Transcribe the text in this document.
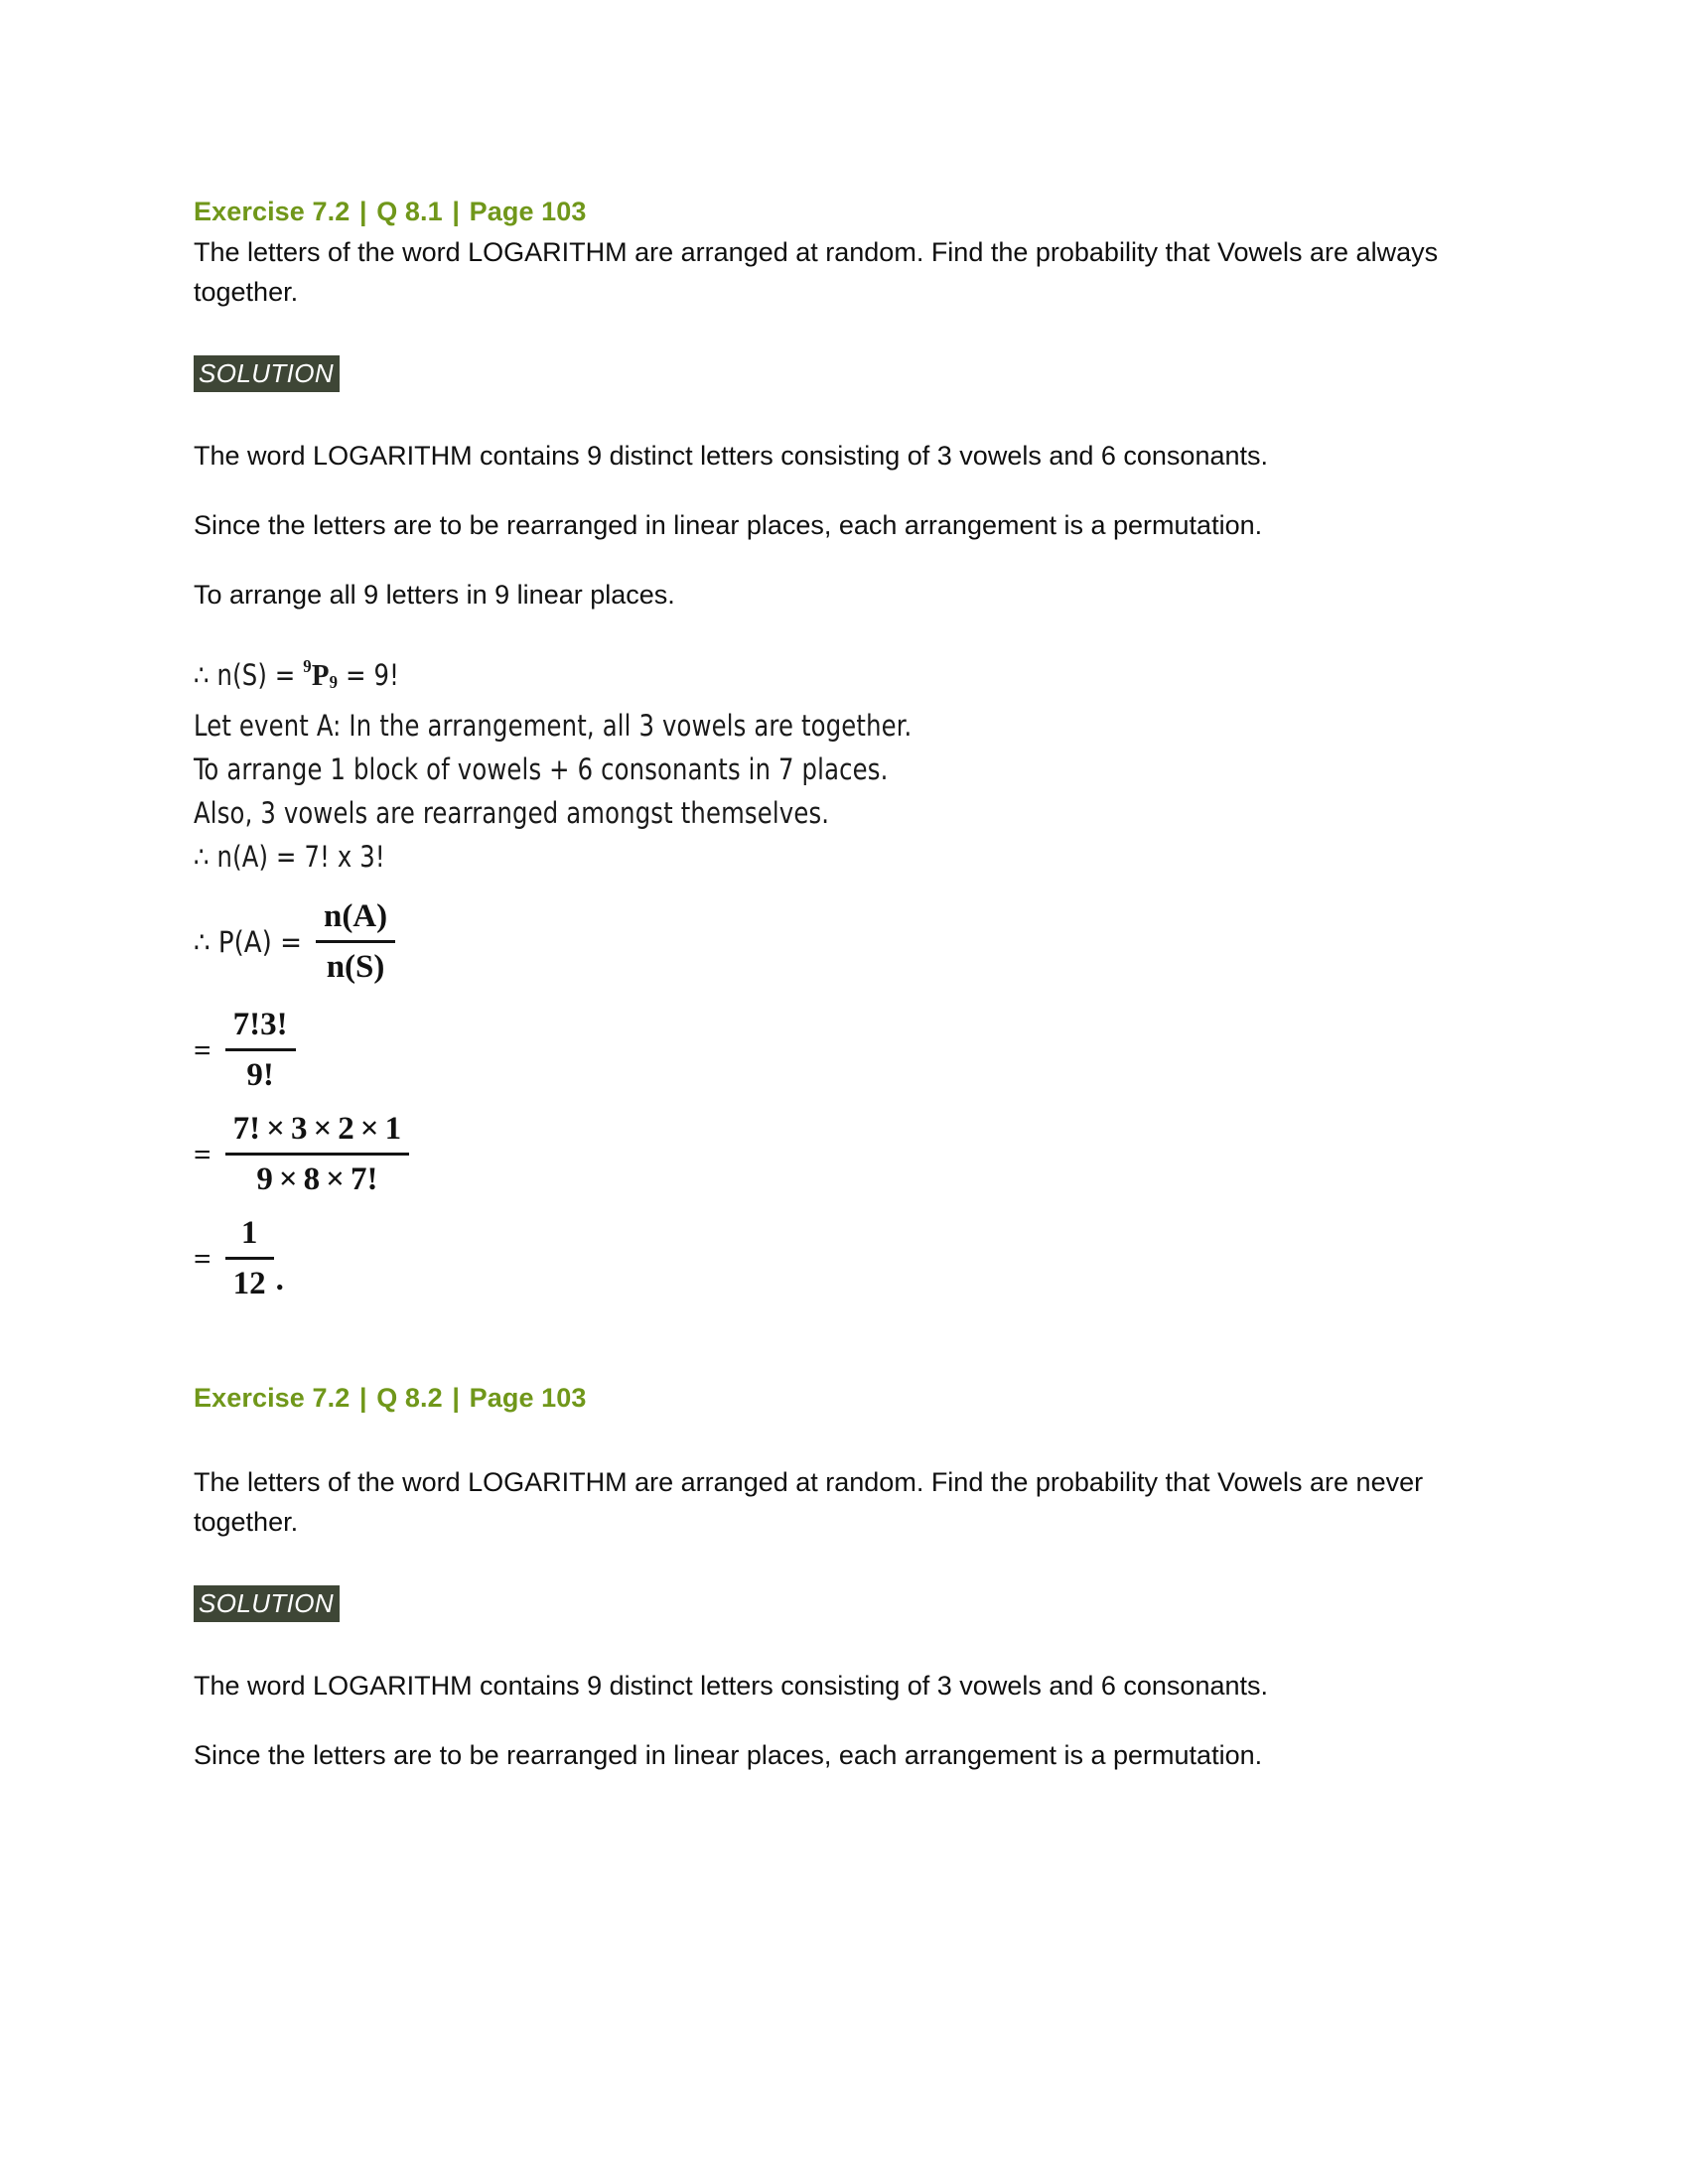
Exercise 7.2 | Q 8.1 | Page 103

The letters of the word LOGARITHM are arranged at random. Find the probability that Vowels are always together.

SOLUTION

The word LOGARITHM contains 9 distinct letters consisting of 3 vowels and 6 consonants.

Since the letters are to be rearranged in linear places, each arrangement is a permutation.

To arrange all 9 letters in 9 linear places.

∴ $n(S) = ^9P_9 = 9$!

Let event A: In the arrangement, all 3 vowels are together.

To arrange 1 block of vowels + 6 consonants in 7 places.

Also, 3 vowels are rearranged amongst themselves.

∴ n(A) = 7! x 3!

∴ $P(A) = \frac{n(A)}{n(S)}$
= $\frac{7!3!}{9!}$
= $\frac{7! \times 3 \times 2 \times 1}{9 \times 8 \times 7!}$
= $\frac{1}{12}$ .
Exercise 7.2 | Q 8.2 | Page 103

The letters of the word LOGARITHM are arranged at random. Find the probability that Vowels are never together.

SOLUTION

The word LOGARITHM contains 9 distinct letters consisting of 3 vowels and 6 consonants.

Since the letters are to be rearranged in linear places, each arrangement is a permutation.
